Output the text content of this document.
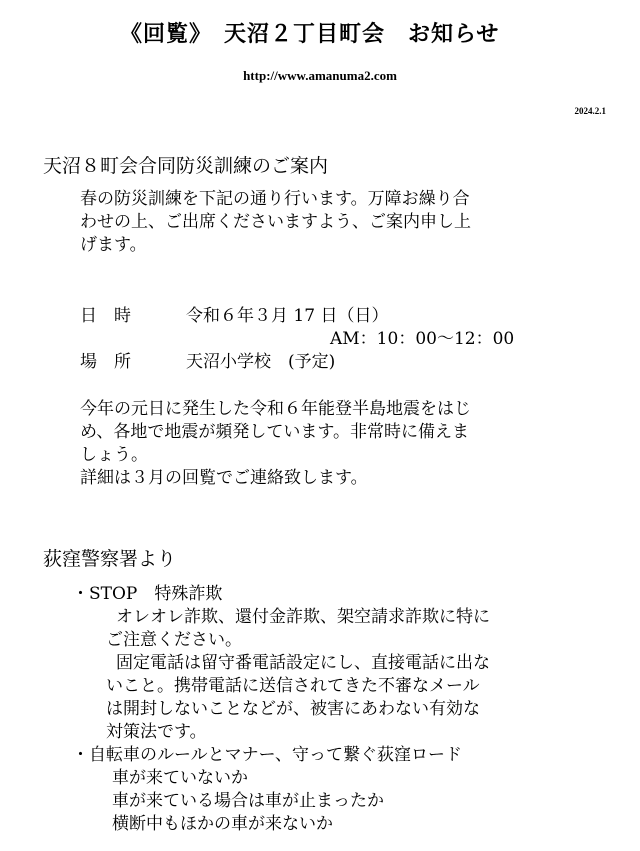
《回覧》　天沼２丁目町会　お知らせ
http://www.amanuma2.com
2024.2.1
天沼８町会合同防災訓練のご案内

春の防災訓練を下記の通り行います。万障お繰り合

わせの上、ご出席くださいますよう、ご案内申し上

げます。

日　時	令和６年３月 17 日（日）
AM：10：00～12：00
場　所	天沼小学校　(予定)

今年の元日に発生した令和６年能登半島地震をはじ

め、各地で地震が頻発しています。非常時に備えま

しょう。

詳細は３月の回覧でご連絡致します。
荻窪警察署より
・STOP　特殊詐欺

オレオレ詐欺、還付金詐欺、架空請求詐欺に特に

ご注意ください。

固定電話は留守番電話設定にし、直接電話に出な

いこと。携帯電話に送信されてきた不審なメール

は開封しないことなどが、被害にあわない有効な

対策法です。

・自転車のルールとマナー、守って繋ぐ荻窪ロード

車が来ていないか

車が来ている場合は車が止まったか

横断中もほかの車が来ないか
